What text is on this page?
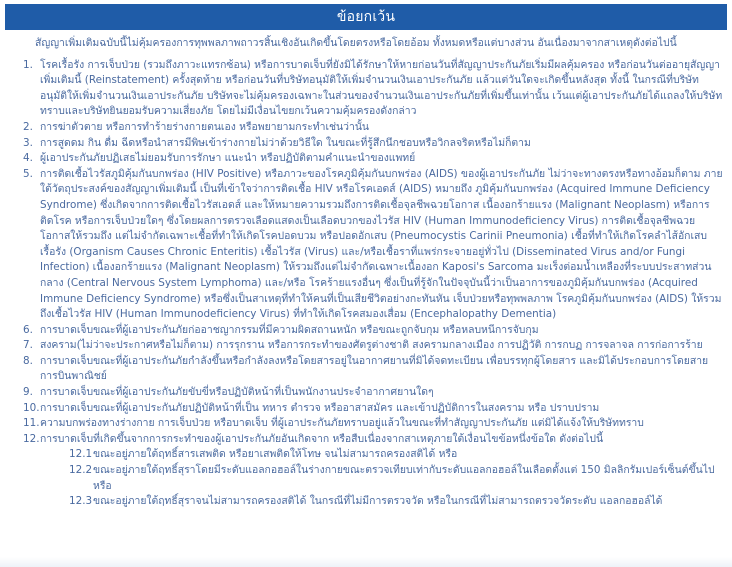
ข้อยกเว้น

สัญญาเพิ่มเติมฉบับนี้ไม่คุ้มครองการทุพพลภาพถาวรสิ้นเชิงอันเกิดขึ้นโดยตรงหรือโดยอ้อม ทั้งหมดหรือแต่บางส่วน อันเนื่องมาจากสาเหตุดังต่อไปนี้

1. โรคเรื้อรัง การเจ็บป่วย (รวมถึงภาวะแทรกซ้อน) หรือการบาดเจ็บที่ยังมิได้รักษาให้หายก่อนวันที่สัญญาประกันภัยเริ่มมีผลคุ้มครอง หรือก่อนวันต่ออายุสัญญาเพิ่มเติมนี้ (Reinstatement) ครั้งสุดท้าย หรือก่อนวันที่บริษัทอนุมัติให้เพิ่มจำนวนเงินเอาประกันภัย แล้วแต่วันใดจะเกิดขึ้นหลังสุด ทั้งนี้ ในกรณีที่บริษัทอนุมัติให้เพิ่มจำนวนเงินเอาประกันภัย บริษัทจะไม่คุ้มครองเฉพาะในส่วนของจำนวนเงินเอาประกันภัยที่เพิ่มขึ้นเท่านั้น เว้นแต่ผู้เอาประกันภัยได้แถลงให้บริษัททราบและบริษัทยินยอมรับความเสี่ยงภัย โดยไม่มีเงื่อนไขยกเว้นความคุ้มครองดังกล่าว
2. การฆ่าตัวตาย หรือการทำร้ายร่างกายตนเอง หรือพยายามกระทำเช่นว่านั้น
3. การสูดดม กิน ดื่ม ฉีดหรือนำสารมีพิษเข้าร่างกายไม่ว่าด้วยวิธีใด ในขณะที่รู้สึกนึกชอบหรือวิกลจริตหรือไม่ก็ตาม
4. ผู้เอาประกันภัยปฏิเสธไม่ยอมรับการรักษา แนะนำ หรือปฏิบัติตามคำแนะนำของแพทย์
5. การติดเชื้อไวรัสภูมิคุ้มกันบกพร่อง (HIV Positive) หรือภาวะของโรคภูมิคุ้มกันบกพร่อง (AIDS) ของผู้เอาประกันภัย ไม่ว่าจะทางตรงหรือทางอ้อมก็ตาม ภายใต้วัตถุประสงค์ของสัญญาเพิ่มเติมนี้ เป็นที่เข้าใจว่าการติดเชื้อ HIV หรือโรคเอดส์ (AIDS) หมายถึง ภูมิคุ้มกันบกพร่อง (Acquired Immune Deficiency Syndrome) ซึ่งเกิดจากการติดเชื้อไวรัสเอดส์ และให้หมายความรวมถึงการติดเชื้อจุลชีพฉวยโอกาส เนื้องอกร้ายแรง (Malignant Neoplasm) หรือการติดโรค หรือการเจ็บป่วยใดๆ ซึ่งโดยผลการตรวจเลือดแสดงเป็นเลือดบวกของไวรัส HIV (Human Immunodeficiency Virus) การติดเชื้อจุลชีพฉวยโอกาสให้รวมถึง แต่ไม่จำกัดเฉพาะเชื้อที่ทำให้เกิดโรคปอดบวม หรือปอดอักเสบ (Pneumocystis Carinii Pneumonia) เชื้อที่ทำให้เกิดโรคลำไส้อักเสบเรื้อรัง (Organism Causes Chronic Enteritis) เชื้อไวรัส (Virus) และ/หรือเชื้อราที่แพร่กระจายอยู่ทั่วไป (Disseminated Virus and/or Fungi Infection) เนื้องอกร้ายแรง (Malignant Neoplasm) ให้รวมถึงแต่ไม่จำกัดเฉพาะเนื้องอก Kaposi's Sarcoma มะเร็งต่อมน้ำเหลืองที่ระบบประสาทส่วนกลาง (Central Nervous System Lymphoma) และ/หรือ โรคร้ายแรงอื่นๆ ซึ่งเป็นที่รู้จักในปัจจุบันนี้ว่าเป็นอาการของภูมิคุ้มกันบกพร่อง (Acquired Immune Deficiency Syndrome) หรือซึ่งเป็นสาเหตุที่ทำให้คนที่เป็นเสียชีวิตอย่างกะทันหัน เจ็บป่วยหรือทุพพลภาพ โรคภูมิคุ้มกันบกพร่อง (AIDS) ให้รวมถึงเชื้อไวรัส HIV (Human Immunodeficiency Virus) ที่ทำให้เกิดโรคสมองเสื่อม (Encephalopathy Dementia)
6. การบาดเจ็บขณะที่ผู้เอาประกันภัยก่ออาชญากรรมที่มีความผิดสถานหนัก หรือขณะถูกจับกุม หรือหลบหนีการจับกุม
7. สงคราม(ไม่ว่าจะประกาศหรือไม่ก็ตาม) การรุกราน หรือการกระทำของศัตรูต่างชาติ สงครามกลางเมือง การปฏิวัติ การกบฏ การจลาจล การก่อการร้าย
8. การบาดเจ็บขณะที่ผู้เอาประกันภัยกำลังขึ้นหรือกำลังลงหรือโดยสารอยู่ในอากาศยานที่มิได้จดทะเบียน เพื่อบรรทุกผู้โดยสาร และมิได้ประกอบการโดยสายการบินพาณิชย์
9. การบาดเจ็บขณะที่ผู้เอาประกันภัยขับขี่หรือปฏิบัติหน้าที่เป็นพนักงานประจำอากาศยานใดๆ
10. การบาดเจ็บขณะที่ผู้เอาประกันภัยปฏิบัติหน้าที่เป็น ทหาร ตำรวจ หรืออาสาสมัคร และเข้าปฏิบัติการในสงคราม หรือ ปราบปราม
11. ความบกพร่องทางร่างกาย การเจ็บป่วย หรือบาดเจ็บ ที่ผู้เอาประกันภัยทราบอยู่แล้วในขณะที่ทำสัญญาประกันภัย แต่มิได้แจ้งให้บริษัททราบ
12. การบาดเจ็บที่เกิดขึ้นจากการกระทำของผู้เอาประกันภัยอันเกิดจาก หรือสืบเนื่องจากสาเหตุภายใต้เงื่อนไขข้อหนึ่งข้อใด ดังต่อไปนี้
12.1 ขณะอยู่ภายใต้ฤทธิ์สารเสพติด หรือยาเสพติดให้โทษ จนไม่สามารถครองสติได้ หรือ
12.2 ขณะอยู่ภายใต้ฤทธิ์สุราโดยมีระดับแอลกอฮอล์ในร่างกายขณะตรวจเทียบเท่ากับระดับแอลกอฮอล์ในเลือดตั้งแต่ 150 มิลลิกรัมเปอร์เซ็นต์ขึ้นไป หรือ
12.3 ขณะอยู่ภายใต้ฤทธิ์สุราจนไม่สามารถครองสติได้ ในกรณีที่ไม่มีการตรวจวัด หรือในกรณีที่ไม่สามารถตรวจวัดระดับ แอลกอฮอล์ได้
